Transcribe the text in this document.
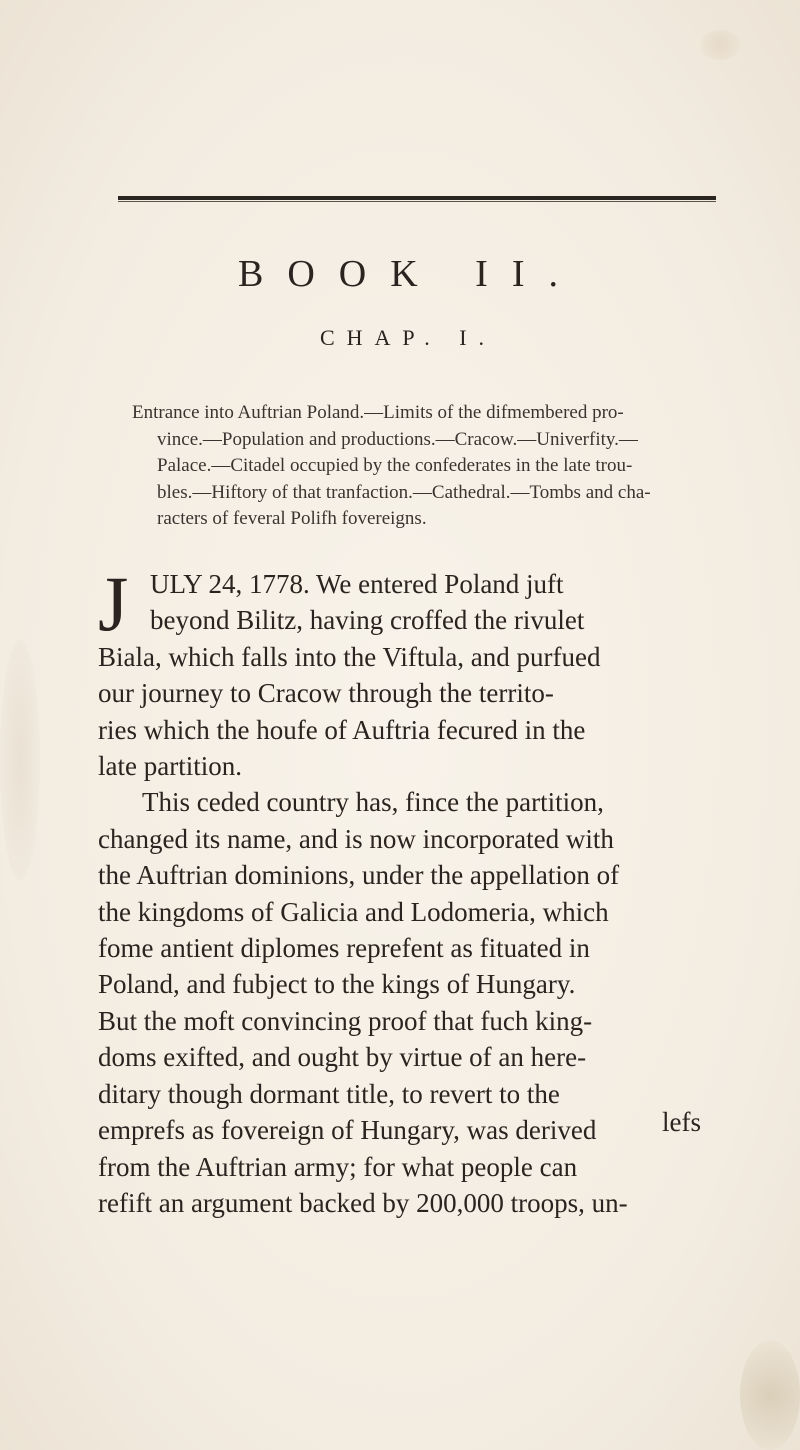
BOOK II.
CHAP. I.
Entrance into Auftrian Poland.—Limits of the difmembered pro-
vince.—Population and productions.—Cracow.—Univerfity.—
Palace.—Citadel occupied by the confederates in the late trou-
bles.—Hiftory of that tranfaction.—Cathedral.—Tombs and cha-
racters of feveral Polifh fovereigns.
J ULY 24, 1778. We entered Poland juft
beyond Bilitz, having croffed the rivulet
Biala, which falls into the Viftula, and purfued
our journey to Cracow through the territo-
ries which the houfe of Auftria fecured in the
late partition.
This ceded country has, fince the partition,
changed its name, and is now incorporated with
the Auftrian dominions, under the appellation of
the kingdoms of Galicia and Lodomeria, which
fome antient diplomes reprefent as fituated in
Poland, and fubject to the kings of Hungary.
But the moft convincing proof that fuch king-
doms exifted, and ought by virtue of an here-
ditary though dormant title, to revert to the
emprefs as fovereign of Hungary, was derived
from the Auftrian army; for what people can
refift an argument backed by 200,000 troops, un-
lefs
